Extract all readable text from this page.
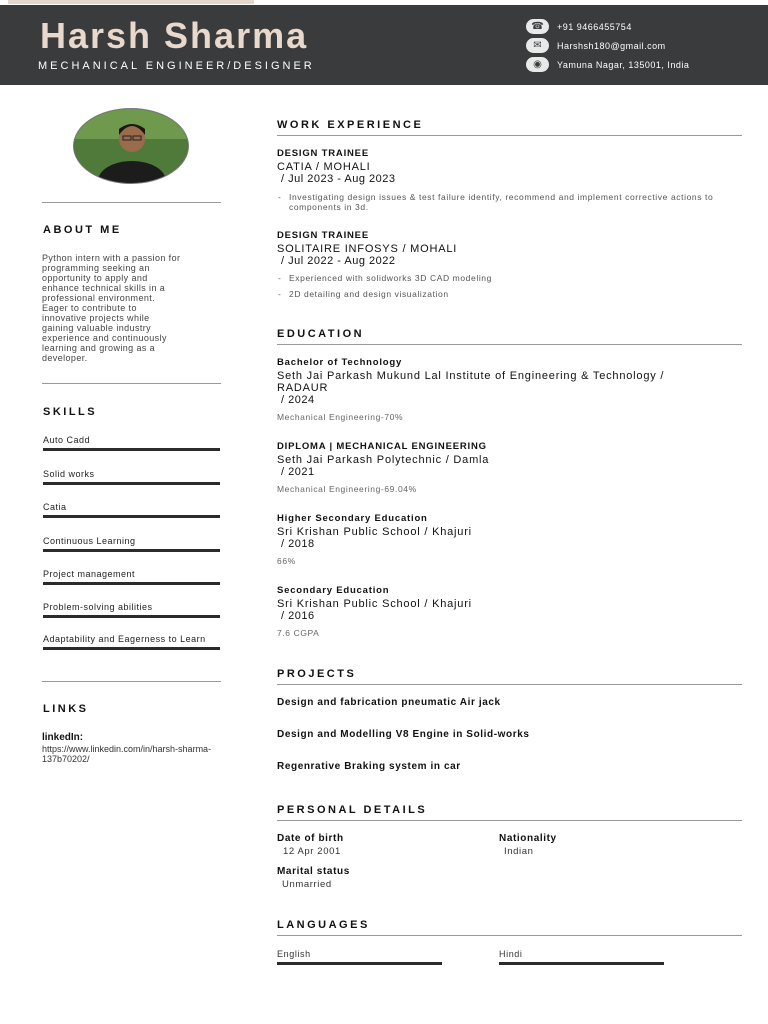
Harsh Sharma
MECHANICAL ENGINEER/DESIGNER
☎	+91 9466455754
✉	Harshsh180@gmail.com
◉	Yamuna Nagar, 135001, India
ABOUT ME
Python intern with a passion for
programming seeking an
opportunity to apply and
enhance technical skills in a
professional environment.
Eager to contribute to
innovative projects while
gaining valuable industry
experience and continuously
learning and growing as a
developer.
SKILLS
Auto Cadd
Solid works
Catia
Continuous Learning
Project management
Problem-solving abilities
Adaptability and Eagerness to Learn
LINKS
linkedIn:
https://www.linkedin.com/in/harsh-sharma-137b70202/
WORK EXPERIENCE
DESIGN TRAINEE
CATIA / MOHALI
/ Jul 2023 - Aug 2023
- Investigating design issues & test failure identify, recommend and implement corrective actions to components in 3d.
DESIGN TRAINEE
SOLITAIRE INFOSYS / MOHALI
/ Jul 2022 - Aug 2022
- Experienced with solidworks 3D CAD modeling
- 2D detailing and design visualization
EDUCATION
Bachelor of Technology
Seth Jai Parkash Mukund Lal Institute of Engineering & Technology / RADAUR
/ 2024
Mechanical Engineering-70%
DIPLOMA | MECHANICAL ENGINEERING
Seth Jai Parkash Polytechnic / Damla
/ 2021
Mechanical Engineering-69.04%
Higher Secondary Education
Sri Krishan Public School / Khajuri
/ 2018
66%
Secondary Education
Sri Krishan Public School / Khajuri
/ 2016
7.6 CGPA
PROJECTS
Design and fabrication pneumatic Air jack
Design and Modelling V8 Engine in Solid-works
Regenrative Braking system in car
PERSONAL DETAILS
Date of birth
12 Apr 2001
Nationality
Indian
Marital status
Unmarried
LANGUAGES
English	Hindi
